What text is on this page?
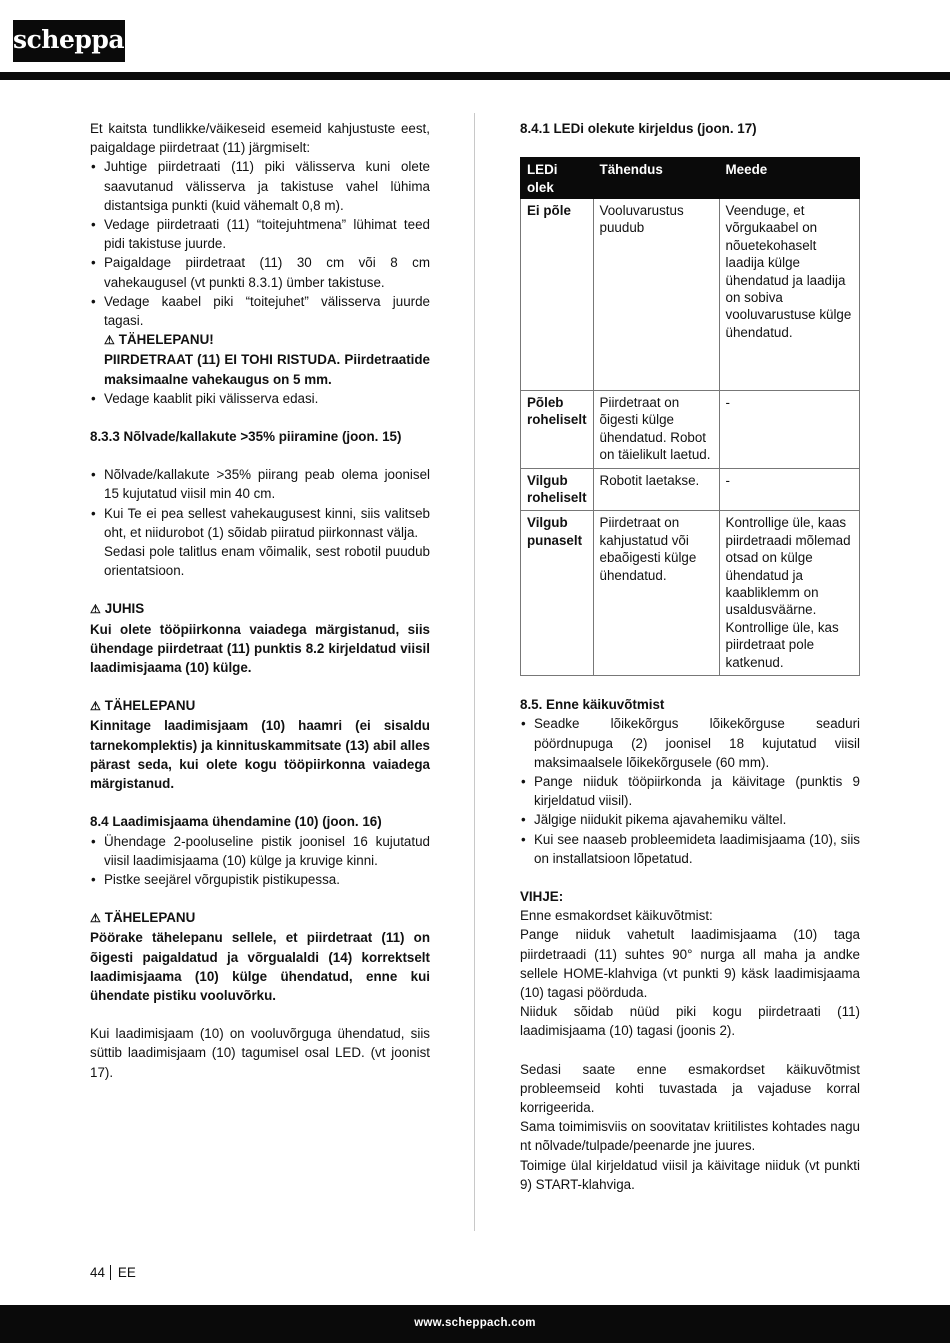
scheppach

Et kaitsta tundlikke/väikeseid esemeid kahjustuste eest, paigaldage piirdetraat (11) järgmiselt:

• Juhtige piirdetraati (11) piki välisserva kuni olete saavutanud välisserva ja takistuse vahel lühima distantsiga punkti (kuid vähemalt 0,8 m).
• Vedage piirdetraati (11) “toitejuhtmena” lühimat teed pidi takistuse juurde.
• Paigaldage piirdetraat (11) 30 cm või 8 cm vahekaugusel (vt punkti 8.3.1) ümber takistuse.
• Vedage kaabel piki “toitejuhet” välisserva juurde tagasi.

⚠ TÄHELEPANU!

PIIRDETRAAT (11) EI TOHI RISTUDA. Piirdetraatide maksimaalne vahekaugus on 5 mm.

• Vedage kaablit piki välisserva edasi.

8.3.3 Nõlvade/kallakute >35% piiramine (joon. 15)

• Nõlvade/kallakute >35% piirang peab olema joonisel 15 kujutatud viisil min 40 cm.
• Kui Te ei pea sellest vahekaugusest kinni, siis valitseb oht, et niidurobot (1) sõidab piiratud piirkonnast välja.
Sedasi pole talitlus enam võimalik, sest robotil puudub orientatsioon.

⚠ JUHIS

Kui olete tööpiirkonna vaiadega märgistanud, siis ühendage piirdetraat (11) punktis 8.2 kirjeldatud viisil laadimisjaama (10) külge.

⚠ TÄHELEPANU

Kinnitage laadimisjaam (10) haamri (ei sisaldu tarnekomplektis) ja kinnituskammitsate (13) abil alles pärast seda, kui olete kogu tööpiirkonna vaiadega märgistanud.

8.4 Laadimisjaama ühendamine (10) (joon. 16)

• Ühendage 2-pooluseline pistik joonisel 16 kujutatud viisil laadimisjaama (10) külge ja kruvige kinni.
• Pistke seejärel võrgupistik pistikupessa.

⚠ TÄHELEPANU

Pöörake tähelepanu sellele, et piirdetraat (11) on õigesti paigaldatud ja võrgualaldi (14) korrektselt laadimisjaama (10) külge ühendatud, enne kui ühendate pistiku vooluvõrku.

Kui laadimisjaam (10) on vooluvõrguga ühendatud, siis süttib laadimisjaam (10) tagumisel osal LED. (vt joonist 17).

8.4.1 LEDi olekute kirjeldus (joon. 17)

LEDi olek	Tähendus	Meede
Ei põle	Vooluvarustus puudub	Veenduge, et võrgukaabel on nõuetekohaselt laadija külge ühendatud ja laadija on sobiva vooluvarustuse külge ühendatud.
Põleb roheliselt	Piirdetraat on õigesti külge ühendatud. Robot on täielikult laetud.	-
Vilgub roheliselt	Robotit laetakse.	-
Vilgub punaselt	Piirdetraat on kahjustatud või ebaõigesti külge ühendatud.	Kontrollige üle, kaas piirdetraadi mõlemad otsad on külge ühendatud ja kaabliklemm on usaldusväärne. Kontrollige üle, kas piirdetraat pole katkenud.

8.5. Enne käikuvõtmist

• Seadke lõikekõrgus lõikekõrguse seaduri pöördnupuga (2) joonisel 18 kujutatud viisil maksimaalsele lõikekõrgusele (60 mm).
• Pange niiduk tööpiirkonda ja käivitage (punktis 9 kirjeldatud viisil).
• Jälgige niidukit pikema ajavahemiku vältel.
• Kui see naaseb probleemideta laadimisjaama (10), siis on installatsioon lõpetatud.

VIHJE:

Enne esmakordset käikuvõtmist:

Pange niiduk vahetult laadimisjaama (10) taga piirdetraadi (11) suhtes 90° nurga all maha ja andke sellele HOME-klahviga (vt punkti 9) käsk laadimisjaama (10) tagasi pöörduda.

Niiduk sõidab nüüd piki kogu piirdetraati (11) laadimisjaama (10) tagasi (joonis 2).

Sedasi saate enne esmakordset käikuvõtmist probleemseid kohti tuvastada ja vajaduse korral korrigeerida.

Sama toimimisviis on soovitatav kriitilistes kohtades nagu nt nõlvade/tulpade/peenarde jne juures.

Toimige ülal kirjeldatud viisil ja käivitage niiduk (vt punkti 9) START-klahviga.

44 EE
www.scheppach.com
